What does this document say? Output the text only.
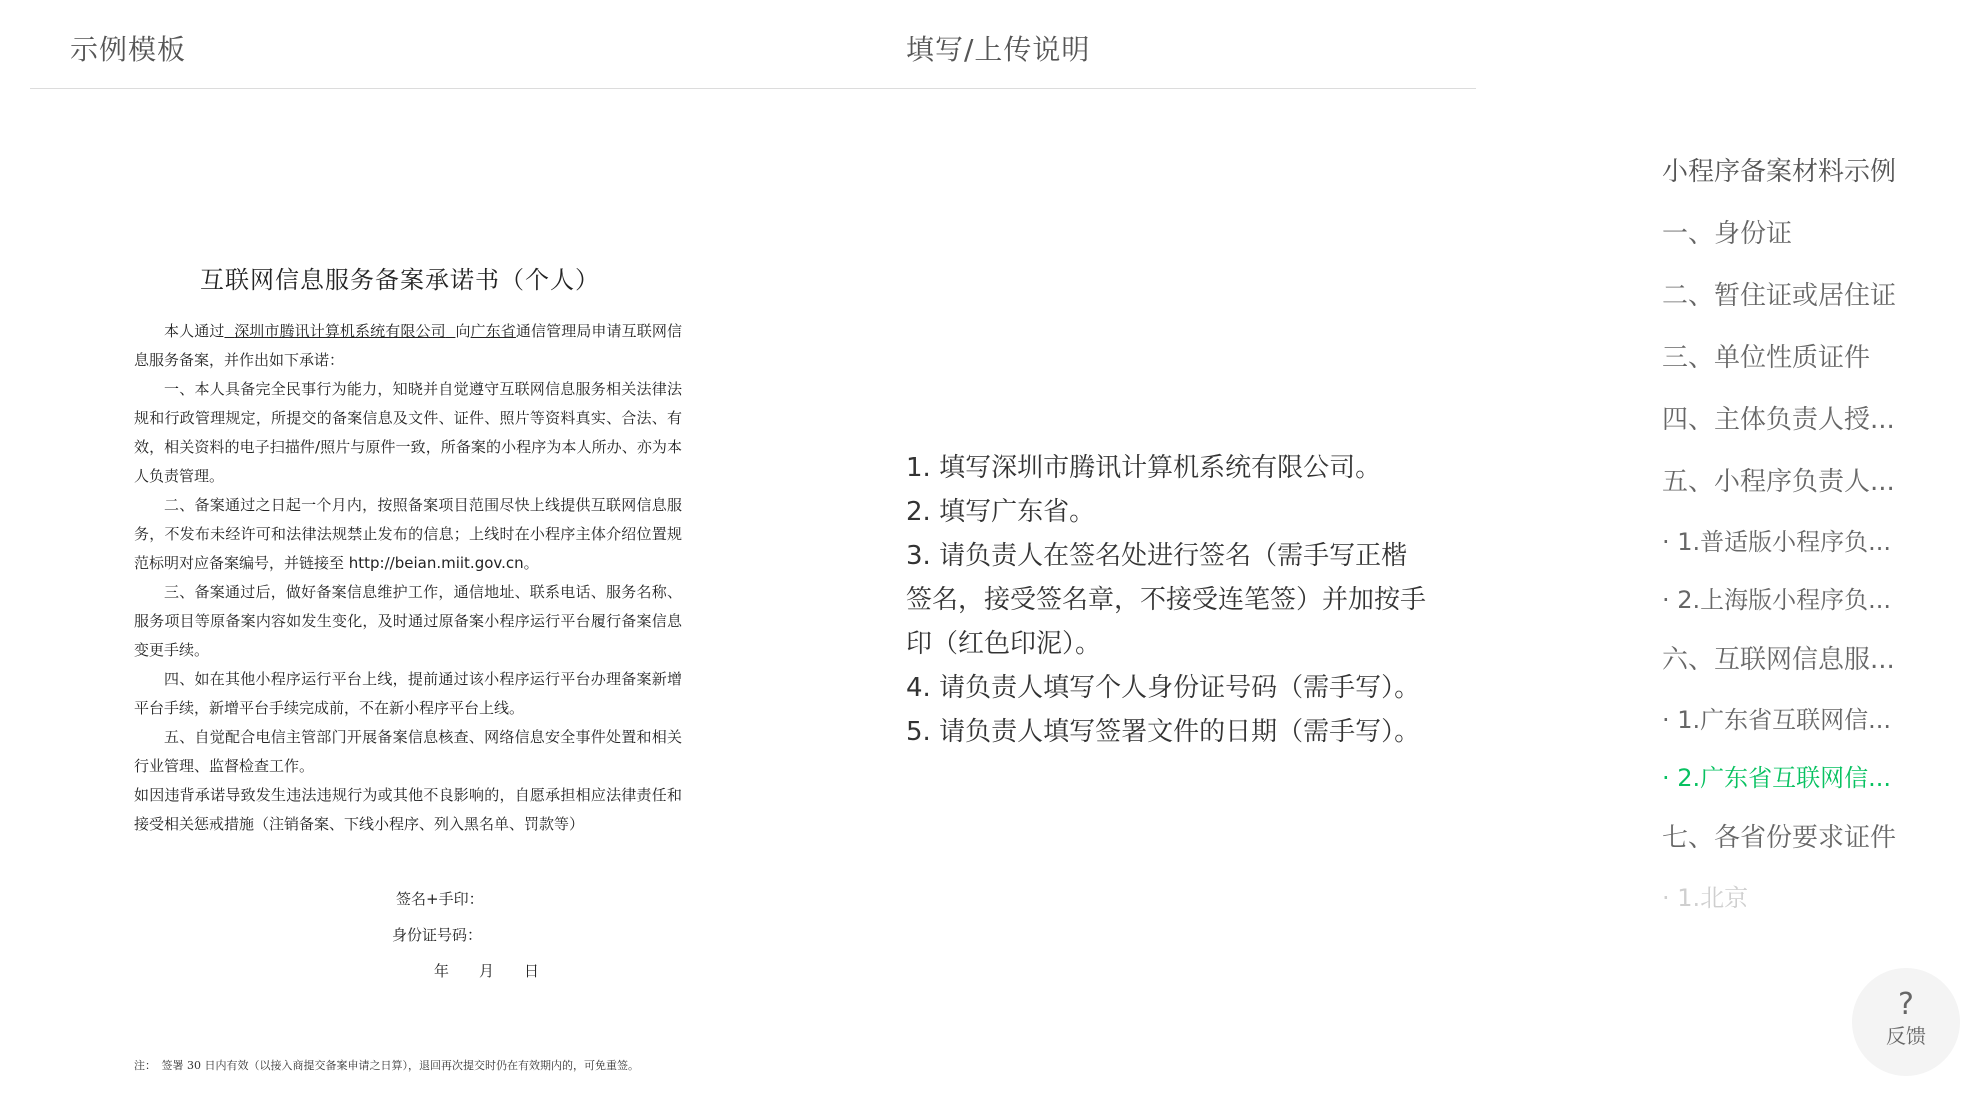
示例模板	填写/上传说明
互联网信息服务备案承诺书（个人）

本人通过 深圳市腾讯计算机系统有限公司 向广东省通信管理局申请互联网信息服务备案，并作出如下承诺：

一、本人具备完全民事行为能力，知晓并自觉遵守互联网信息服务相关法律法规和行政管理规定，所提交的备案信息及文件、证件、照片等资料真实、合法、有效，相关资料的电子扫描件/照片与原件一致，所备案的小程序为本人所办、亦为本人负责管理。

二、备案通过之日起一个月内，按照备案项目范围尽快上线提供互联网信息服务，不发布未经许可和法律法规禁止发布的信息；上线时在小程序主体介绍位置规范标明对应备案编号，并链接至 http://beian.miit.gov.cn。

三、备案通过后，做好备案信息维护工作，通信地址、联系电话、服务名称、服务项目等原备案内容如发生变化，及时通过原备案小程序运行平台履行备案信息变更手续。

四、如在其他小程序运行平台上线，提前通过该小程序运行平台办理备案新增平台手续，新增平台手续完成前，不在新小程序平台上线。

五、自觉配合电信主管部门开展备案信息核查、网络信息安全事件处置和相关行业管理、监督检查工作。

如因违背承诺导致发生违法违规行为或其他不良影响的，自愿承担相应法律责任和接受相关惩戒措施（注销备案、下线小程序、列入黑名单、罚款等）

签名+手印：
身份证号码：
年　　月　　日
注：　签署 30 日内有效（以接入商提交备案申请之日算），退回再次提交时仍在有效期内的，可免重签。
1. 填写深圳市腾讯计算机系统有限公司。
2. 填写广东省。
3. 请负责人在签名处进行签名（需手写正楷签名，接受签名章，不接受连笔签）并加按手印（红色印泥）。
4. 请负责人填写个人身份证号码（需手写）。
5. 请负责人填写签署文件的日期（需手写）。
小程序备案材料示例
一、身份证
二、暂住证或居住证
三、单位性质证件
四、主体负责人授...
五、小程序负责人...
· 1.普适版小程序负...
· 2.上海版小程序负...
六、互联网信息服...
· 1.广东省互联网信...
· 2.广东省互联网信...
七、各省份要求证件
· 1.北京
?
反馈
